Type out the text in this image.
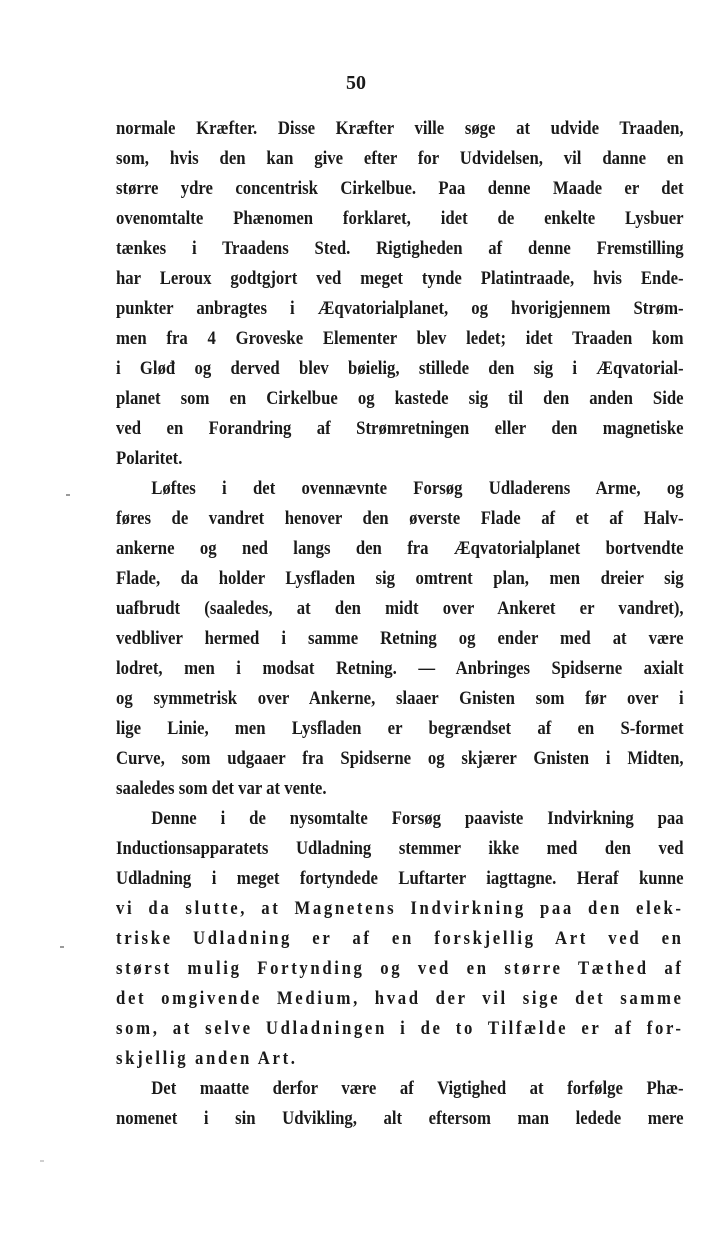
50
normale Kræfter. Disse Kræfter ville søge at udvide Traaden,
som, hvis den kan give efter for Udvidelsen, vil danne en
større ydre concentrisk Cirkelbue. Paa denne Maade er det
ovenomtalte Phænomen forklaret, idet de enkelte Lysbuer
tænkes i Traadens Sted. Rigtigheden af denne Fremstilling
har Leroux godtgjort ved meget tynde Platintraade, hvis Ende-
punkter anbragtes i Æqvatorialplanet, og hvorigjennem Strøm-
men fra 4 Groveske Elementer blev ledet; idet Traaden kom
i Gløđ og derved blev bøielig, stillede den sig i Æqvatorial-
planet som en Cirkelbue og kastede sig til den anden Side
ved en Forandring af Strømretningen eller den magnetiske
Polaritet.
Løftes i det ovennævnte Forsøg Udladerens Arme, og
føres de vandret henover den øverste Flade af et af Halv-
ankerne og ned langs den fra Æqvatorialplanet bortvendte
Flade, da holder Lysfladen sig omtrent plan, men dreier sig
uafbrudt (saaledes, at den midt over Ankeret er vandret),
vedbliver hermed i samme Retning og ender med at være
lodret, men i modsat Retning. — Anbringes Spidserne axialt
og symmetrisk over Ankerne, slaaer Gnisten som før over i
lige Linie, men Lysfladen er begrændset af en S-formet
Curve, som udgaaer fra Spidserne og skjærer Gnisten i Midten,
saaledes som det var at vente.
Denne i de nysomtalte Forsøg paaviste Indvirkning paa
Inductionsapparatets Udladning stemmer ikke med den ved
Udladning i meget fortyndede Luftarter iagttagne. Heraf kunne
vi da slutte, at Magnetens Indvirkning paa den elek-
triske Udladning er af en forskjellig Art ved en
størst mulig Fortynding og ved en større Tæthed af
det omgivende Medium, hvad der vil sige det samme
som, at selve Udladningen i de to Tilfælde er af for-
skjellig anden Art.
Det maatte derfor være af Vigtighed at forfølge Phæ-
nomenet i sin Udvikling, alt eftersom man ledede mere
